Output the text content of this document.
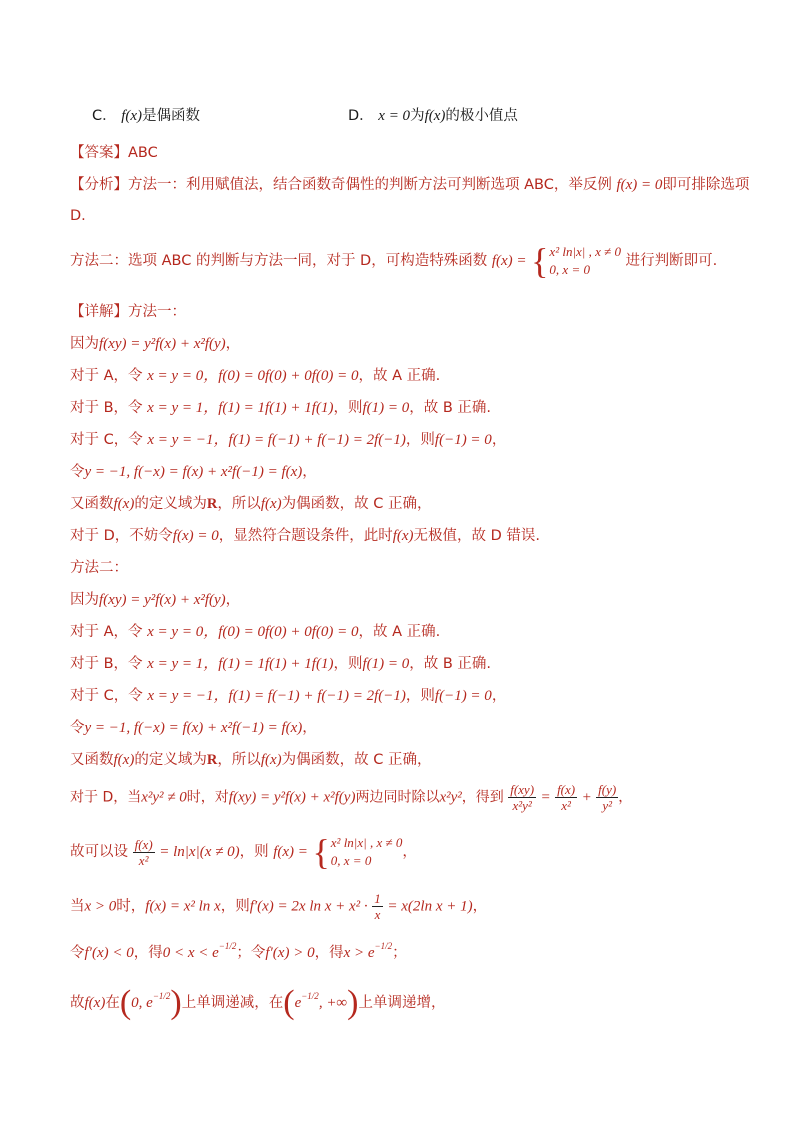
C． f(x)是偶函数	D． x = 0为f(x)的极小值点
【答案】ABC
【分析】方法一：利用赋值法，结合函数奇偶性的判断方法可判断选项 ABC，举反例 f(x) = 0即可排除选项
D.
方法二：选项 ABC 的判断与方法一同，对于 D，可构造特殊函数 f(x) = { x² ln|x| , x ≠ 0
0, x = 0
进行判断即可.
【详解】方法一：
因为f(xy) = y²f(x) + x²f(y)，
对于 A，令 x = y = 0，f(0) = 0f(0) + 0f(0) = 0，故 A 正确.
对于 B，令 x = y = 1，f(1) = 1f(1) + 1f(1)，则f(1) = 0，故 B 正确.
对于 C，令 x = y = −1，f(1) = f(−1) + f(−1) = 2f(−1)，则f(−1) = 0，
令y = −1, f(−x) = f(x) + x²f(−1) = f(x)，
又函数f(x)的定义域为R，所以f(x)为偶函数，故 C 正确，
对于 D，不妨令f(x) = 0，显然符合题设条件，此时f(x)无极值，故 D 错误.
方法二：
因为f(xy) = y²f(x) + x²f(y)，
对于 A，令 x = y = 0，f(0) = 0f(0) + 0f(0) = 0，故 A 正确.
对于 B，令 x = y = 1，f(1) = 1f(1) + 1f(1)，则f(1) = 0，故 B 正确.
对于 C，令 x = y = −1，f(1) = f(−1) + f(−1) = 2f(−1)，则f(−1) = 0，
令y = −1, f(−x) = f(x) + x²f(−1) = f(x)，
又函数f(x)的定义域为R，所以f(x)为偶函数，故 C 正确，
对于 D，当x²y² ≠ 0时，对f(xy) = y²f(x) + x²f(y)两边同时除以x²y²，得到 $\frac{f(xy)}{\text{x²y²}} = \frac{f(x)}{\text{x²}} + \frac{f(y)}{\text{y²}}$ ，
故可以设 $\frac{f(x)}{\text{x²}} = \ln|x|(x \ne 0)$，则 f(x) = { x² ln|x| , x ≠ 0
0, x = 0
，
当x > 0时，f(x) = x² ln x，则f′(x) = 2x $\ln x + x^2 \cdot \frac{1}{x} = x(2\ln$ x + 1)，
令f′(x) < 0，得$0 < x < e^{-1/2}$；令f′(x) > 0，得$x > e^{-1/2}$；
故f(x)在(0, $e^{-1/2}$)上单调递减，在($e^{-1/2}$, +∞)上单调递增，
